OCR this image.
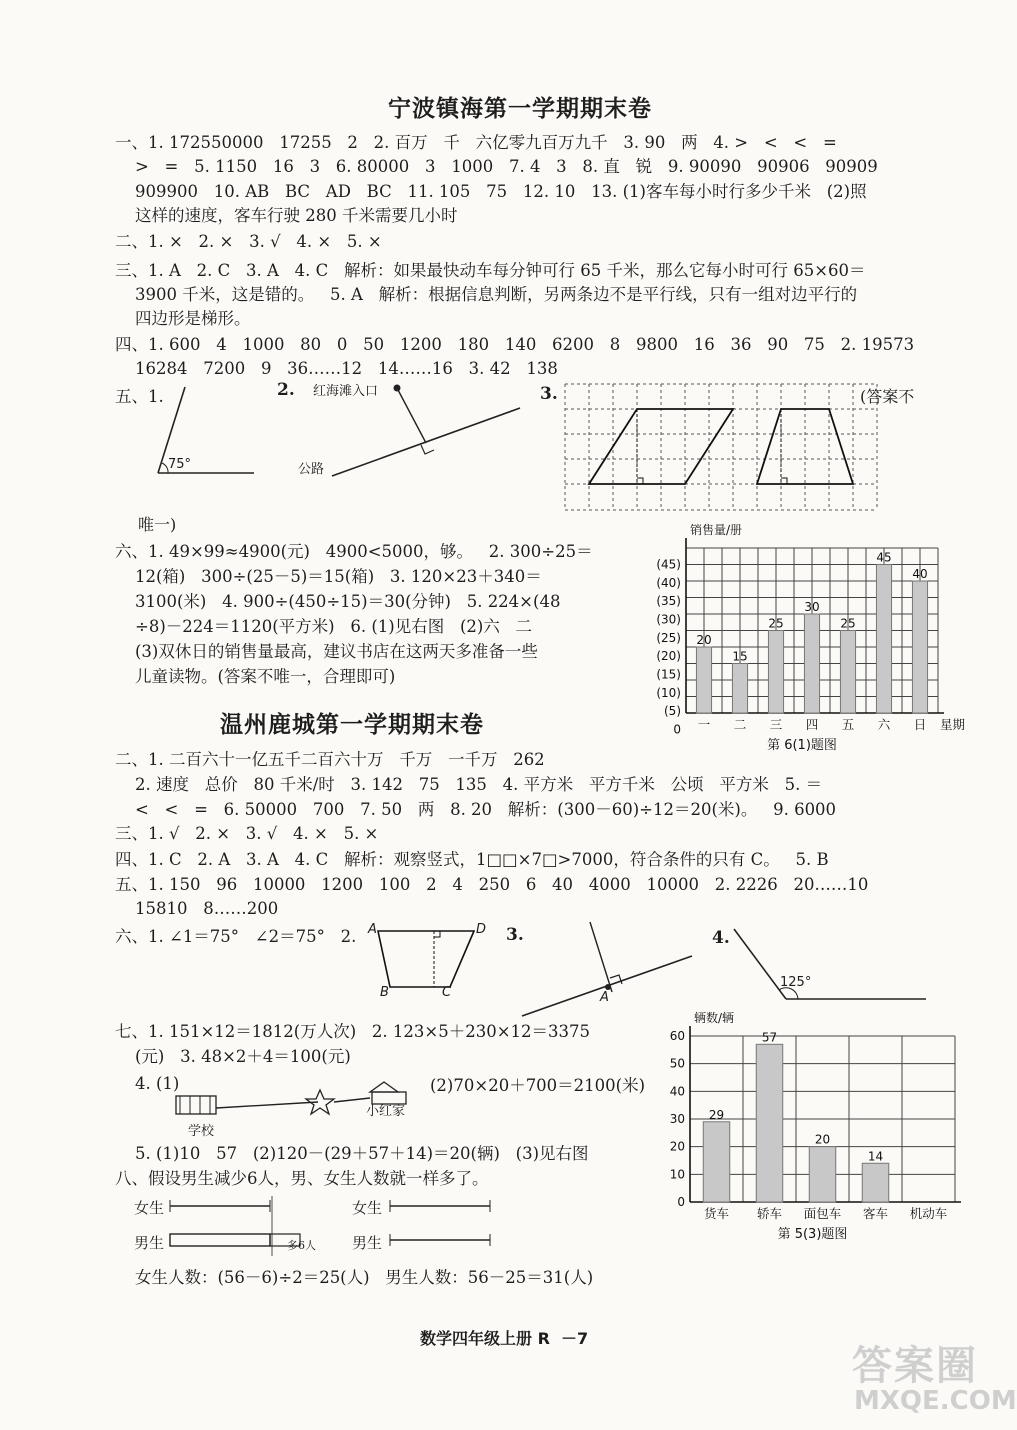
宁波镇海第一学期期末卷
一、1. 172550000   17255   2   2. 百万   千   六亿零九百万九千   3. 90   两   4. >   <   <   =
>   =   5. 1150   16   3   6. 80000   3   1000   7. 4   3   8. 直   锐   9. 90090   90906   90909
909900   10. AB   BC   AD   BC   11. 105   75   12. 10   13. (1)客车每小时行多少千米   (2)照
这样的速度，客车行驶 280 千米需要几小时
二、1. ×   2. ×   3. √   4. ×   5. ×
三、1. A   2. C   3. A   4. C   解析：如果最快动车每分钟可行 65 千米，那么它每小时可行 65×60＝
3900 千米，这是错的。   5. A   解析：根据信息判断，另两条边不是平行线，只有一组对边平行的
四边形是梯形。
四、1. 600   4   1000   80   0   50   1200   180   140   6200   8   9800   16   36   90   75   2. 19573
16284   7200   9   36……12   14……16   3. 42   138
五、1.
75°
2. 红海滩入口
公路
3.	(答案不
唯一)
六、1. 49×99≈4900(元)   4900<5000，够。   2. 300÷25＝
12(箱)   300÷(25－5)＝15(箱)   3. 120×23＋340＝
3100(米)   4. 900÷(450÷15)＝30(分钟)   5. 224×(48
÷8)－224＝1120(平方米)   6. (1)见右图   (2)六   二
(3)双休日的销售量最高，建议书店在这两天多准备一些
儿童读物。(答案不唯一，合理即可)
(45)
(40)
(35)
(30)
(25)
(20)
(15)
(10)
(5)
0 一
20
二
15
三
25
四
30
五
25
六
45
日
40
销售量/册
星期
第 6(1)题图
温州鹿城第一学期期末卷
二、1. 二百六十一亿五千二百六十万   千万   一千万   262
2. 速度   总价   80 千米/时   3. 142   75   135   4. 平方米   平方千米   公顷   平方米   5. ＝
<   <   =   6. 50000   700   7. 50   两   8. 20   解析：(300－60)÷12＝20(米)。   9. 6000
三、1. √   2. ×   3. √   4. ×   5. ×
四、1. C   2. A   3. A   4. C   解析：观察竖式，1□□×7□>7000，符合条件的只有 C。   5. B
五、1. 150   96   10000   1200   100   2   4   250   6   40   4000   10000   2. 2226   20……10
15810   8……200
六、1. ∠1＝75°   ∠2＝75°   2. A	D
B	C
3.
A
4.
125°
七、1. 151×12＝1812(万人次)   2. 123×5＋230×12＝3375
(元)   3. 48×2＋4＝100(元)
4. (1)	(2)70×20＋700＝2100(米)
学校
小红家
5. (1)10   57   (2)120－(29＋57＋14)＝20(辆)   (3)见右图
八、假设男生减少6人，男、女生人数就一样多了。
女生
男生
女生
男生
多6人
女生人数：(56－6)÷2＝25(人)   男生人数：56－25＝31(人)
60
50
40
30
20
10
0
货车
29
轿车
57
面包车
20
客车
14
机动车
辆数/辆
第 5(3)题图
数学四年级上册 R  －7
答案圈
MXQE.COM
